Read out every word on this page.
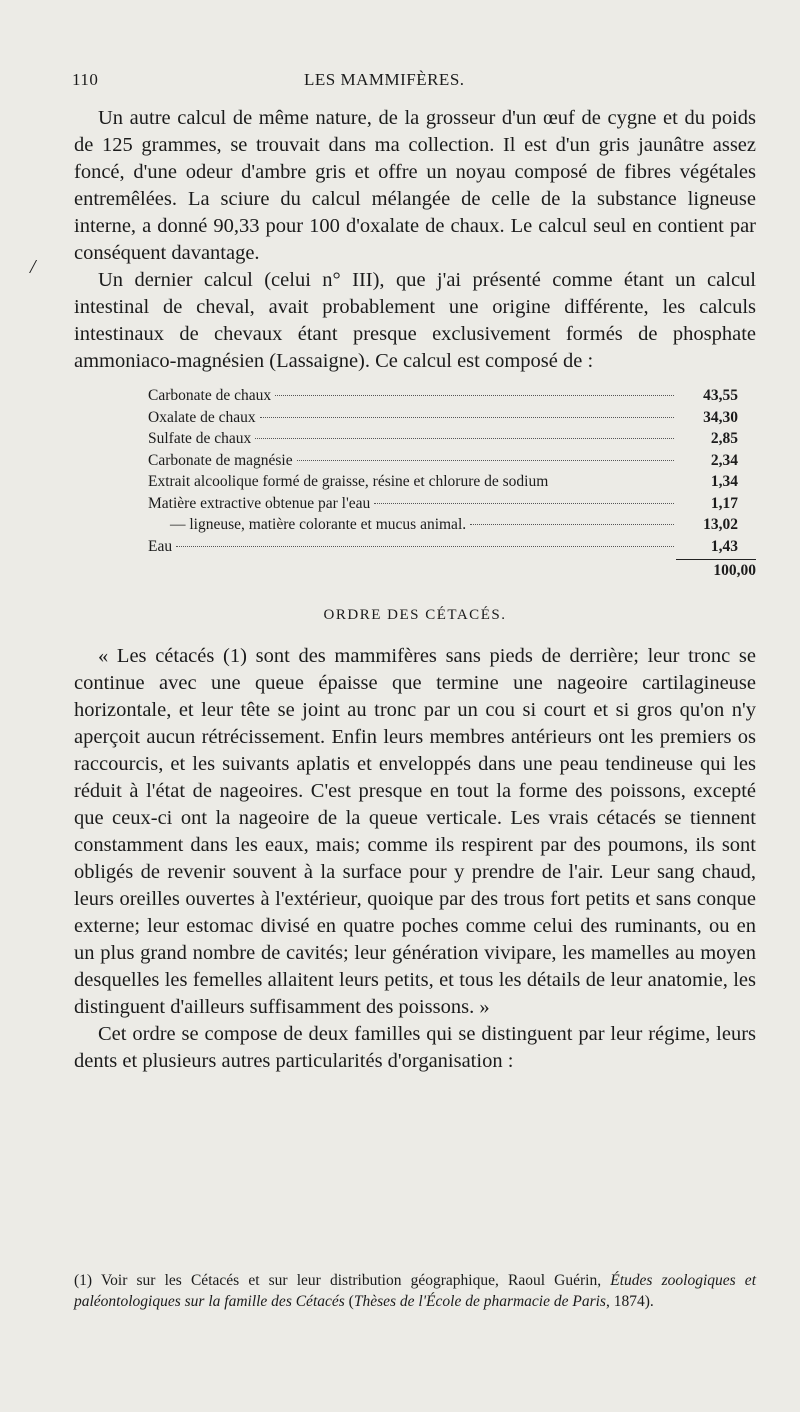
110	LES MAMMIFÈRES.
/

Un autre calcul de même nature, de la grosseur d'un œuf de cygne et du poids de 125 grammes, se trouvait dans ma collection. Il est d'un gris jaunâtre assez foncé, d'une odeur d'ambre gris et offre un noyau composé de fibres végétales entremêlées. La sciure du calcul mélangée de celle de la substance ligneuse interne, a donné 90,33 pour 100 d'oxalate de chaux. Le calcul seul en contient par conséquent davantage.

Un dernier calcul (celui n° III), que j'ai présenté comme étant un calcul intestinal de cheval, avait probablement une origine différente, les calculs intestinaux de chevaux étant presque exclusivement formés de phosphate ammoniaco-magnésien (Lassaigne). Ce calcul est composé de :

Carbonate de chaux	43,55
Oxalate de chaux	34,30
Sulfate de chaux	2,85
Carbonate de magnésie	2,34
Extrait alcoolique formé de graisse, résine et chlorure de sodium	1,34
Matière extractive obtenue par l'eau	1,17
— ligneuse, matière colorante et mucus animal.	13,02
Eau	1,43
100,00
ORDRE DES CÉTACÉS.

« Les cétacés (1) sont des mammifères sans pieds de derrière; leur tronc se continue avec une queue épaisse que termine une nageoire cartilagineuse horizontale, et leur tête se joint au tronc par un cou si court et si gros qu'on n'y aperçoit aucun rétrécissement. Enfin leurs membres antérieurs ont les premiers os raccourcis, et les suivants aplatis et enveloppés dans une peau tendineuse qui les réduit à l'état de nageoires. C'est presque en tout la forme des poissons, excepté que ceux-ci ont la nageoire de la queue verticale. Les vrais cétacés se tiennent constamment dans les eaux, mais; comme ils respirent par des poumons, ils sont obligés de revenir souvent à la surface pour y prendre de l'air. Leur sang chaud, leurs oreilles ouvertes à l'extérieur, quoique par des trous fort petits et sans conque externe; leur estomac divisé en quatre poches comme celui des ruminants, ou en un plus grand nombre de cavités; leur génération vivipare, les mamelles au moyen desquelles les femelles allaitent leurs petits, et tous les détails de leur anatomie, les distinguent d'ailleurs suffisamment des poissons. »

Cet ordre se compose de deux familles qui se distinguent par leur régime, leurs dents et plusieurs autres particularités d'organisation :

(1) Voir sur les Cétacés et sur leur distribution géographique, Raoul Guérin, Études zoologiques et paléontologiques sur la famille des Cétacés (Thèses de l'École de pharmacie de Paris, 1874).
